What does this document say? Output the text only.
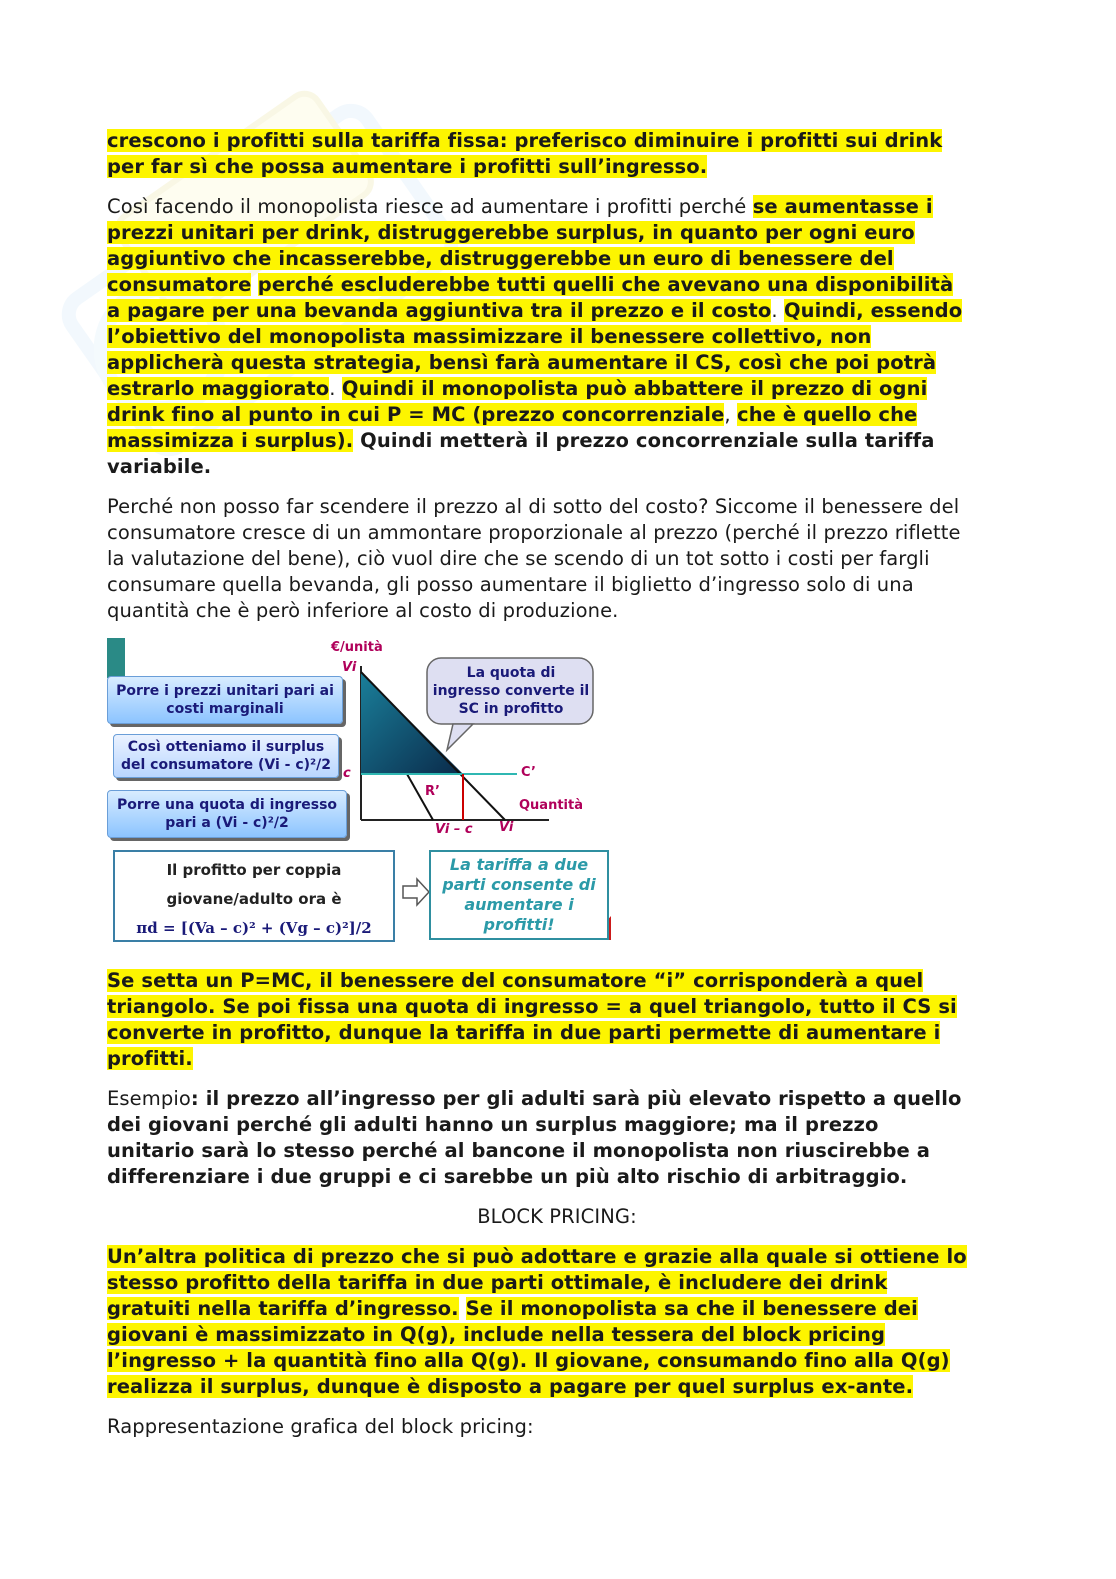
crescono i profitti sulla tariffa fissa: preferisco diminuire i profitti sui drink
per far sì che possa aumentare i profitti sull’ingresso.

Così facendo il monopolista riesce ad aumentare i profitti perché se aumentasse i
prezzi unitari per drink, distruggerebbe surplus, in quanto per ogni euro
aggiuntivo che incasserebbe, distruggerebbe un euro di benessere del
consumatore perché escluderebbe tutti quelli che avevano una disponibilità
a pagare per una bevanda aggiuntiva tra il prezzo e il costo. Quindi, essendo
l’obiettivo del monopolista massimizzare il benessere collettivo, non
applicherà questa strategia, bensì farà aumentare il CS, così che poi potrà
estrarlo maggiorato. Quindi il monopolista può abbattere il prezzo di ogni
drink fino al punto in cui P = MC (prezzo concorrenziale, che è quello che
massimizza i surplus). Quindi metterà il prezzo concorrenziale sulla tariffa
variabile.

Perché non posso far scendere il prezzo al di sotto del costo? Siccome il benessere del
consumatore cresce di un ammontare proporzionale al prezzo (perché il prezzo riflette
la valutazione del bene), ciò vuol dire che se scendo di un tot sotto i costi per fargli
consumare quella bevanda, gli posso aumentare il biglietto d’ingresso solo di una
quantità che è però inferiore al costo di produzione.

€/unità
Vi
c	C’
R’
Quantità
Vi – c Vi
La quota di ingresso converte il SC in profitto
Porre i prezzi unitari pari ai costi marginali
Così otteniamo il surplus del consumatore (Vi - c)²/2
Porre una quota di ingresso pari a (Vi - c)²/2
Il profitto per coppia
giovane/adulto ora è
πd = [(Va – c)² + (Vg – c)²]/2
La tariffa a due parti consente di aumentare i profitti!

Se setta un P=MC, il benessere del consumatore “i” corrisponderà a quel
triangolo. Se poi fissa una quota di ingresso = a quel triangolo, tutto il CS si
converte in profitto, dunque la tariffa in due parti permette di aumentare i
profitti.

Esempio: il prezzo all’ingresso per gli adulti sarà più elevato rispetto a quello
dei giovani perché gli adulti hanno un surplus maggiore; ma il prezzo
unitario sarà lo stesso perché al bancone il monopolista non riuscirebbe a
differenziare i due gruppi e ci sarebbe un più alto rischio di arbitraggio.

BLOCK PRICING:

Un’altra politica di prezzo che si può adottare e grazie alla quale si ottiene lo
stesso profitto della tariffa in due parti ottimale, è includere dei drink
gratuiti nella tariffa d’ingresso. Se il monopolista sa che il benessere dei
giovani è massimizzato in Q(g), include nella tessera del block pricing
l’ingresso + la quantità fino alla Q(g). Il giovane, consumando fino alla Q(g)
realizza il surplus, dunque è disposto a pagare per quel surplus ex-ante.

Rappresentazione grafica del block pricing:
